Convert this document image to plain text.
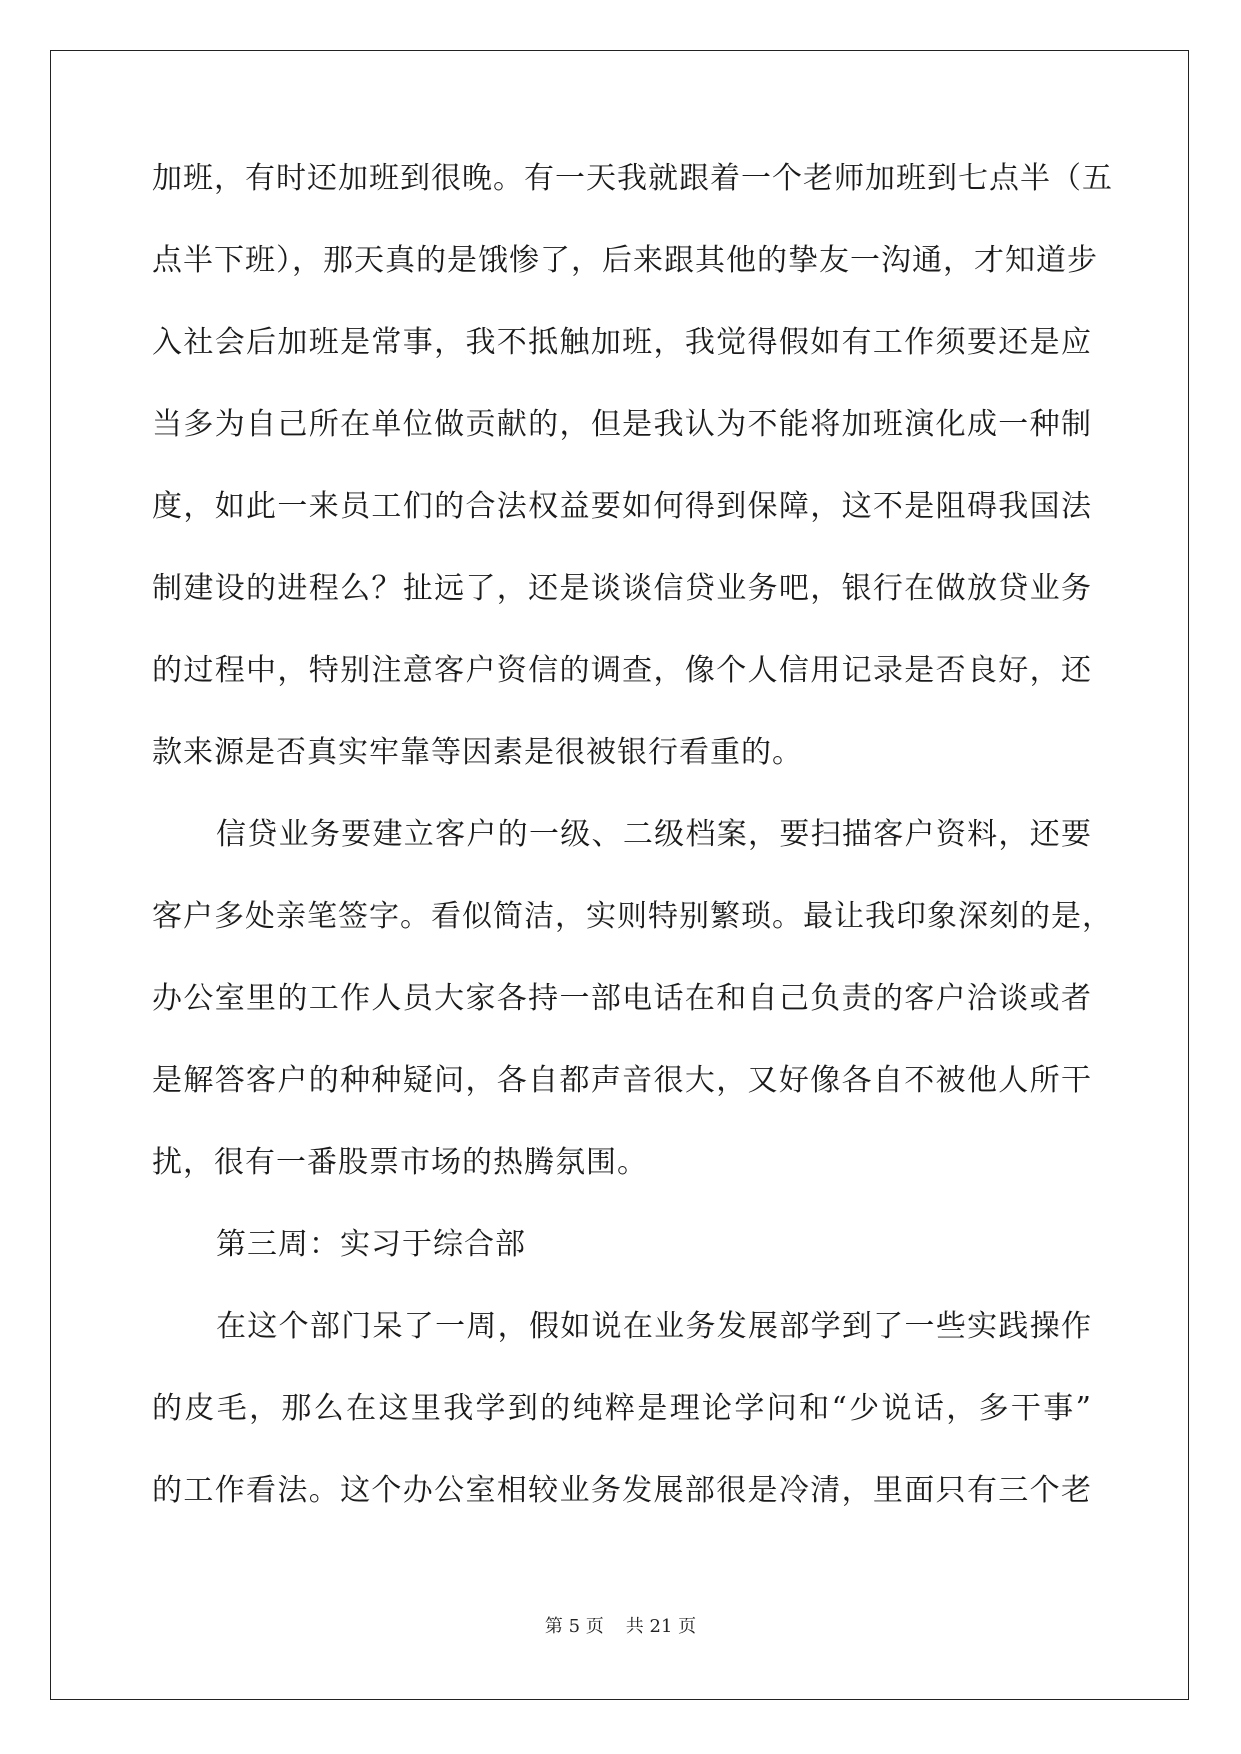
加班，有时还加班到很晚。有一天我就跟着一个老师加班到七点半（五
点半下班），那天真的是饿惨了，后来跟其他的挚友一沟通，才知道步
入社会后加班是常事，我不抵触加班，我觉得假如有工作须要还是应
当多为自己所在单位做贡献的，但是我认为不能将加班演化成一种制
度，如此一来员工们的合法权益要如何得到保障，这不是阻碍我国法
制建设的进程么？扯远了，还是谈谈信贷业务吧，银行在做放贷业务
的过程中，特别注意客户资信的调查，像个人信用记录是否良好，还
款来源是否真实牢靠等因素是很被银行看重的。
信贷业务要建立客户的一级、二级档案，要扫描客户资料，还要
客户多处亲笔签字。看似简洁，实则特别繁琐。最让我印象深刻的是，
办公室里的工作人员大家各持一部电话在和自己负责的客户洽谈或者
是解答客户的种种疑问，各自都声音很大，又好像各自不被他人所干
扰，很有一番股票市场的热腾氛围。
第三周：实习于综合部
在这个部门呆了一周，假如说在业务发展部学到了一些实践操作
的皮毛，那么在这里我学到的纯粹是理论学问和“少说话，多干事”
的工作看法。这个办公室相较业务发展部很是冷清，里面只有三个老
第 5 页 共 21 页
